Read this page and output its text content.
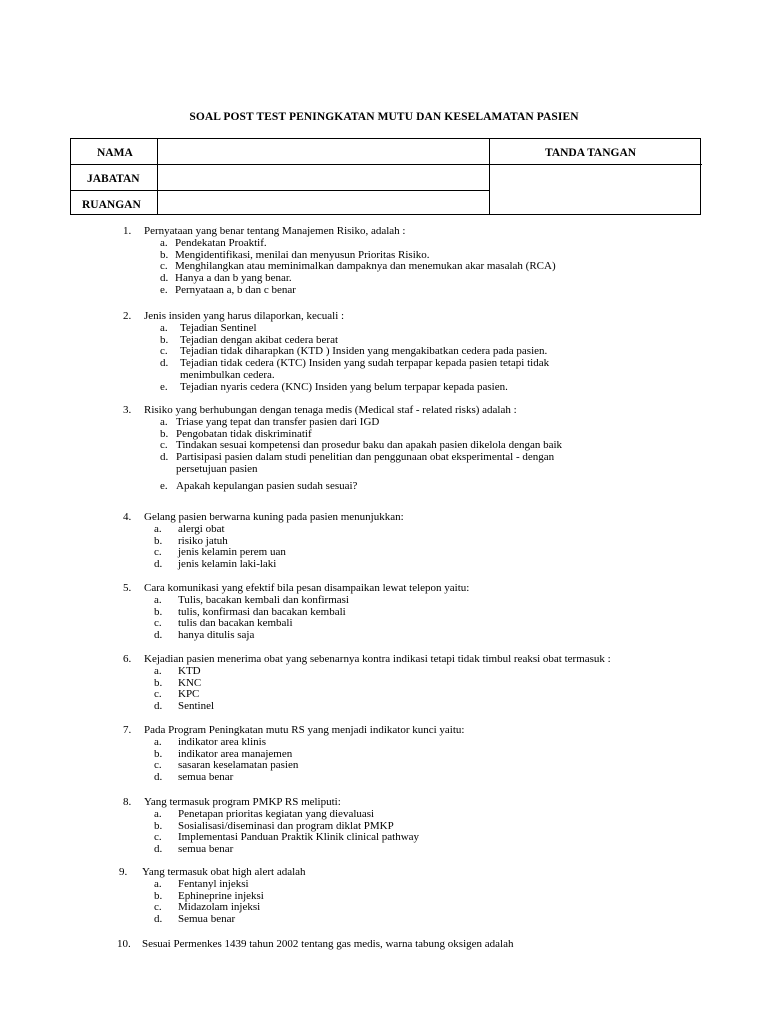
SOAL POST TEST PENINGKATAN MUTU DAN KESELAMATAN PASIEN
NAMA
JABATAN
RUANGAN
TANDA TANGAN
1. Pernyataan yang benar tentang Manajemen Risiko, adalah :
a. Pendekatan Proaktif.
b. Mengidentifikasi, menilai dan menyusun Prioritas Risiko.
c. Menghilangkan atau meminimalkan dampaknya dan menemukan akar masalah (RCA)
d. Hanya a dan b yang benar.
e. Pernyataan a, b dan c benar
2. Jenis insiden yang harus dilaporkan, kecuali :
a. Tejadian Sentinel
b. Tejadian dengan akibat cedera berat
c. Tejadian tidak diharapkan (KTD ) Insiden yang mengakibatkan cedera pada pasien.
d. Tejadian tidak cedera (KTC) Insiden yang sudah terpapar kepada pasien tetapi tidak
menimbulkan cedera.
e. Tejadian nyaris cedera (KNC) Insiden yang belum terpapar kepada pasien.
3. Risiko yang berhubungan dengan tenaga medis (Medical staf - related risks) adalah :
a. Triase yang tepat dan transfer pasien dari IGD
b. Pengobatan tidak diskriminatif
c. Tindakan sesuai kompetensi dan prosedur baku dan apakah pasien dikelola dengan baik
d. Partisipasi pasien dalam studi penelitian dan penggunaan obat eksperimental - dengan
persetujuan pasien
e. Apakah kepulangan pasien sudah sesuai?
4. Gelang pasien berwarna kuning pada pasien menunjukkan:
a. alergi obat
b. risiko jatuh
c. jenis kelamin perem uan
d. jenis kelamin laki-laki
5. Cara komunikasi yang efektif bila pesan disampaikan lewat telepon yaitu:
a. Tulis, bacakan kembali dan konfirmasi
b. tulis, konfirmasi dan bacakan kembali
c. tulis dan bacakan kembali
d. hanya ditulis saja
6. Kejadian pasien menerima obat yang sebenarnya kontra indikasi tetapi tidak timbul reaksi obat termasuk :
a. KTD
b. KNC
c. KPC
d. Sentinel
7. Pada Program Peningkatan mutu RS yang menjadi indikator kunci yaitu:
a. indikator area klinis
b. indikator area manajemen
c. sasaran keselamatan pasien
d. semua benar
8. Yang termasuk program PMKP RS meliputi:
a. Penetapan prioritas kegiatan yang dievaluasi
b. Sosialisasi/diseminasi dan program diklat PMKP
c. Implementasi Panduan Praktik Klinik clinical pathway
d. semua benar
9. Yang termasuk obat high alert adalah
a. Fentanyl injeksi
b. Ephineprine injeksi
c. Midazolam injeksi
d. Semua benar
10. Sesuai Permenkes 1439 tahun 2002 tentang gas medis, warna tabung oksigen adalah
